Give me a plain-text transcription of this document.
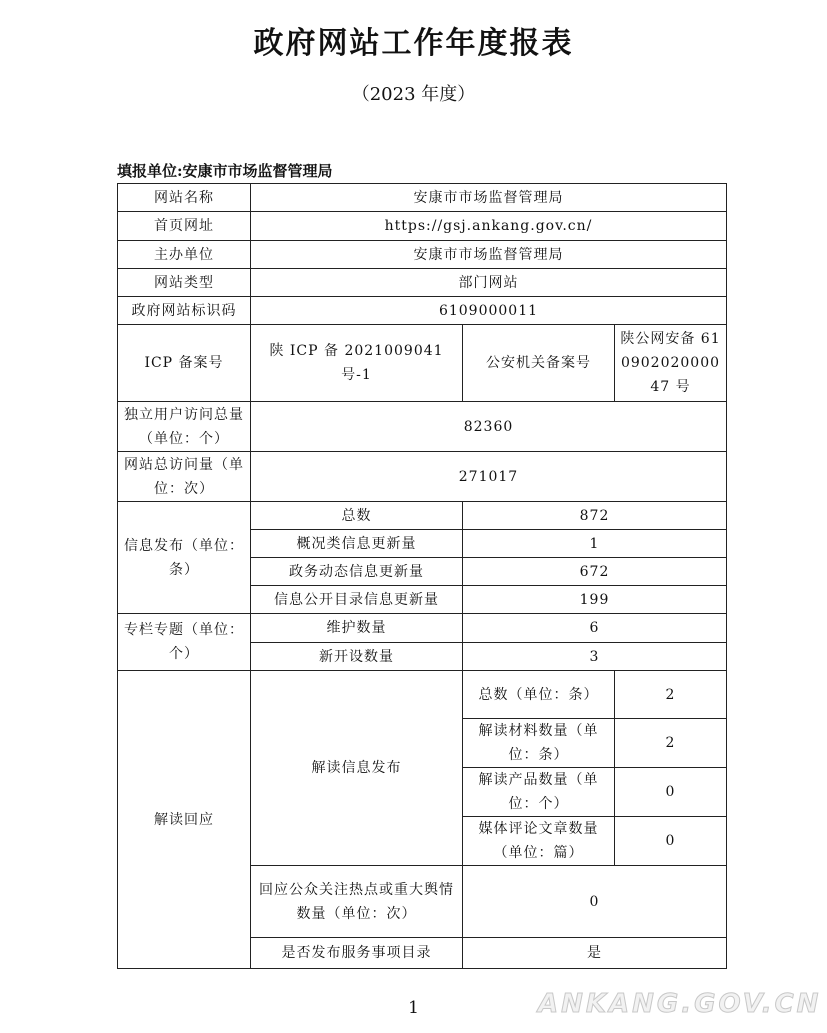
政府网站工作年度报表
（2023 年度）
填报单位:安康市市场监督管理局
网站名称	安康市市场监督管理局		
首页网址	https://gsj.ankang.gov.cn/		
主办单位	安康市市场监督管理局		
网站类型	部门网站		
政府网站标识码	6109000011		
ICP 备案号	陕 ICP 备 2021009041 号-1	公安机关备案号	陕公网安备 61090202000047 号
独立用户访问总量（单位：个）	82360		
网站总访问量（单位：次）	271017		
信息发布（单位：条）	总数	872	
	概况类信息更新量	1	
	政务动态信息更新量	672	
	信息公开目录信息更新量	199	
专栏专题（单位：个）	维护数量	6	
	新开设数量	3	
解读回应	解读信息发布	总数（单位：条）	2
		解读材料数量（单位：条）	2
		解读产品数量（单位：个）	0
		媒体评论文章数量（单位：篇）	0
	回应公众关注热点或重大舆情数量（单位：次）	0	
	是否发布服务事项目录	是	
1	ANKANG.GOV.CN
